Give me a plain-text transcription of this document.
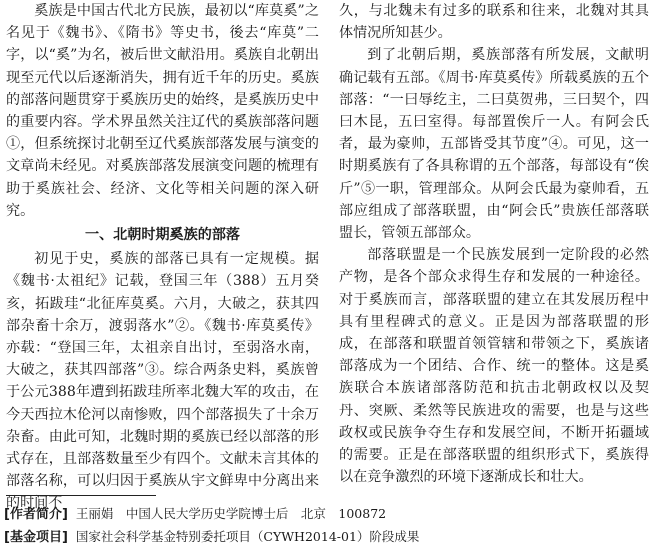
奚族是中国古代北方民族，最初以“库莫奚”之名见于《魏书》、《隋书》等史书，後去“库莫”二字，以“奚”为名，被后世文献沿用。奚族自北朝出现至元代以后逐渐消失，拥有近千年的历史。奚族的部落问题贯穿于奚族历史的始终，是奚族历史中的重要内容。学术界虽然关注辽代的奚族部落问题①，但系统探讨北朝至辽代奚族部落发展与演变的文章尚未经见。对奚族部落发展演变问题的梳理有助于奚族社会、经济、文化等相关问题的深入研究。

一、北朝时期奚族的部落

初见于史，奚族的部落已具有一定规模。据《魏书·太祖纪》记载，登国三年（388）五月癸亥，拓跋珪“北征库莫奚。六月，大破之，获其四部杂畜十余万，渡弱落水”②。《魏书·库莫奚传》亦载：“登国三年，太祖亲自出讨，至弱洛水南，大破之，获其四部落”③。综合两条史料，奚族曾于公元388年遭到拓跋珪所率北魏大军的攻击，在今天西拉木伦河以南惨败，四个部落损失了十余万杂畜。由此可知，北魏时期的奚族已经以部落的形式存在，且部落数量至少有四个。文献未言其体的部落名称，可以归因于奚族从宇文鲜卑中分离出来的时间不

久，与北魏未有过多的联系和往来，北魏对其具体情况所知甚少。

到了北朝后期，奚族部落有所发展，文献明确记载有五部。《周书·库莫奚传》所载奚族的五个部落：“一曰辱纥主，二曰莫贺弗，三曰契个，四曰木昆，五曰室得。每部置俟斤一人。有阿会氏者，最为豪帅，五部皆受其节度”④。可见，这一时期奚族有了各具称谓的五个部落，每部设有“俟斤”⑤一职，管理部众。从阿会氏最为豪帅看，五部应组成了部落联盟，由“阿会氏”贵族任部落联盟长，管领五部部众。

部落联盟是一个民族发展到一定阶段的必然产物，是各个部众求得生存和发展的一种途径。对于奚族而言，部落联盟的建立在其发展历程中具有里程碑式的意义。正是因为部落联盟的形成，在部落和联盟首领管辖和带领之下，奚族诸部落成为一个团结、合作、统一的整体。这是奚族联合本族诸部落防范和抗击北朝政权以及契丹、突厥、柔然等民族进攻的需要，也是与这些政权或民族争夺生存和发展空间，不断开拓疆域的需要。正是在部落联盟的组织形式下，奚族得以在竞争激烈的环境下逐渐成长和壮大。

[作者简介] 王丽娟　中国人民大学历史学院博士后　北京　100872
[基金项目] 国家社会科学基金特别委托项目（CYWH2014-01）阶段成果
